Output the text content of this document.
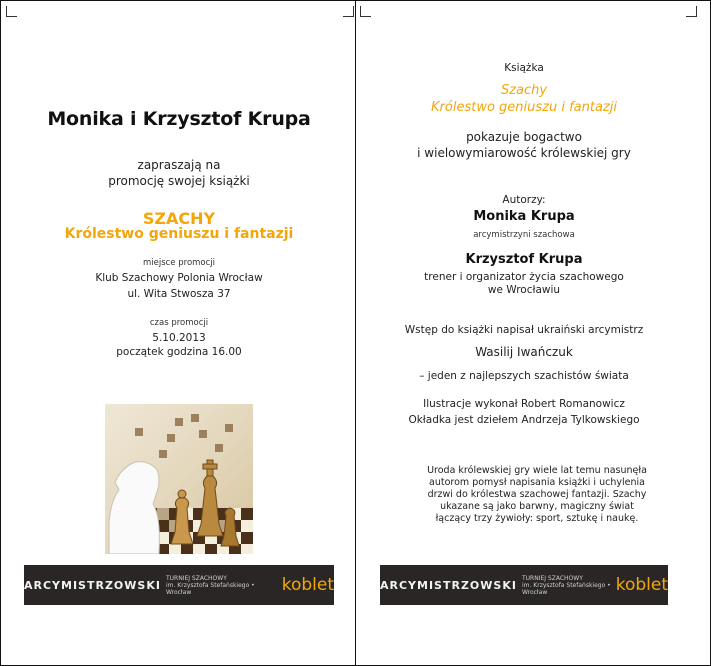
Monika i Krzysztof Krupa
zapraszają na
promocję swojej książki
SZACHY
Królestwo geniuszu i fantazji
miejsce promocji
Klub Szachowy Polonia Wrocław
ul. Wita Stwosza 37
czas promocji
5.10.2013
początek godzina 16.00
Książka
Szachy
Królestwo geniuszu i fantazji
pokazuje bogactwo
i wielowymiarowość królewskiej gry
Autorzy:
Monika Krupa
arcymistrzyni szachowa
Krzysztof Krupa
trener i organizator życia szachowego
we Wrocławiu
Wstęp do książki napisał ukraiński arcymistrz
Wasilij Iwańczuk
– jeden z najlepszych szachistów świata
Ilustracje wykonał Robert Romanowicz
Okładka jest dziełem Andrzeja Tylkowskiego
Uroda królewskiej gry wiele lat temu nasunęła autorom pomysł napisania książki i uchylenia drzwi do królestwa szachowej fantazji. Szachy ukazane są jako barwny, magiczny świat łączący trzy żywioły: sport, sztukę i naukę.
ARCYMISTRZOWSKI
TURNIEJ SZACHOWY
im. Krzysztofa Stefańskiego • Wrocław	koblet	ARCYMISTRZOWSKI
TURNIEJ SZACHOWY
im. Krzysztofa Stefańskiego • Wrocław	koblet
